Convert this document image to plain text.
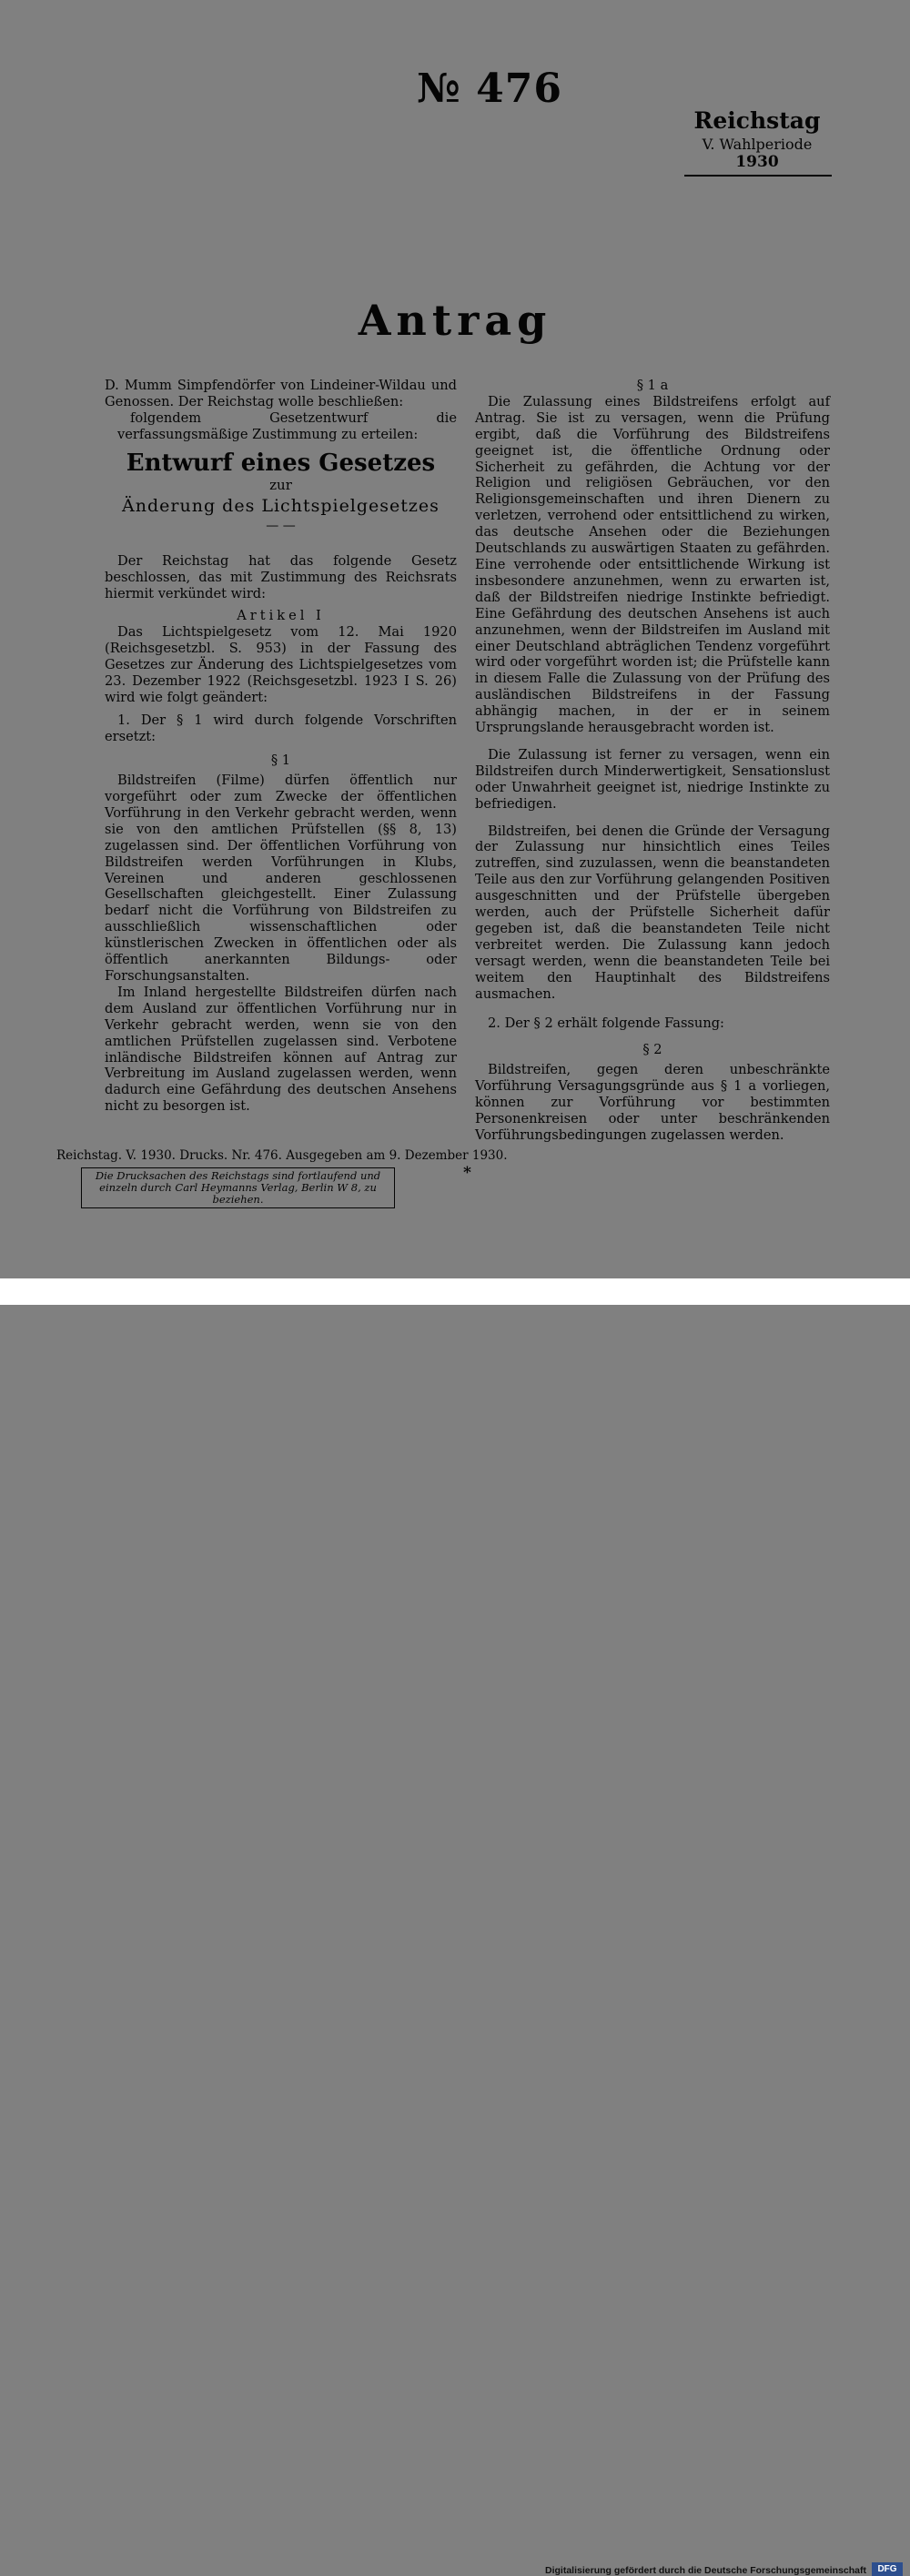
№ 476
Reichstag
V. Wahlperiode
1930
Antrag

D. Mumm Simpfendörfer von Lindeiner-Wildau und Genossen. Der Reichstag wolle beschließen:

folgendem Gesetzentwurf die verfassungsmäßige Zustimmung zu erteilen:

Entwurf eines Gesetzes
zur
Änderung des Lichtspielgesetzes
— —

Der Reichstag hat das folgende Gesetz beschlossen, das mit Zustimmung des Reichsrats hiermit verkündet wird:

Artikel I

Das Lichtspielgesetz vom 12. Mai 1920 (Reichsgesetzbl. S. 953) in der Fassung des Gesetzes zur Änderung des Lichtspielgesetzes vom 23. Dezember 1922 (Reichsgesetzbl. 1923 I S. 26) wird wie folgt geändert:

1. Der § 1 wird durch folgende Vorschriften ersetzt:

§ 1

Bildstreifen (Filme) dürfen öffentlich nur vorgeführt oder zum Zwecke der öffentlichen Vorführung in den Verkehr gebracht werden, wenn sie von den amtlichen Prüfstellen (§§ 8, 13) zugelassen sind. Der öffentlichen Vorführung von Bildstreifen werden Vorführungen in Klubs, Vereinen und anderen geschlossenen Gesellschaften gleichgestellt. Einer Zulassung bedarf nicht die Vorführung von Bildstreifen zu ausschließlich wissenschaftlichen oder künstlerischen Zwecken in öffentlichen oder als öffentlich anerkannten Bildungs- oder Forschungsanstalten.

Im Inland hergestellte Bildstreifen dürfen nach dem Ausland zur öffentlichen Vorführung nur in Verkehr gebracht werden, wenn sie von den amtlichen Prüfstellen zugelassen sind. Verbotene inländische Bildstreifen können auf Antrag zur Verbreitung im Ausland zugelassen werden, wenn dadurch eine Gefährdung des deutschen Ansehens nicht zu besorgen ist.

§ 1 a

Die Zulassung eines Bildstreifens erfolgt auf Antrag. Sie ist zu versagen, wenn die Prüfung ergibt, daß die Vorführung des Bildstreifens geeignet ist, die öffentliche Ordnung oder Sicherheit zu gefährden, die Achtung vor der Religion und religiösen Gebräuchen, vor den Religionsgemeinschaften und ihren Dienern zu verletzen, verrohend oder entsittlichend zu wirken, das deutsche Ansehen oder die Beziehungen Deutschlands zu auswärtigen Staaten zu gefährden. Eine verrohende oder entsittlichende Wirkung ist insbesondere anzunehmen, wenn zu erwarten ist, daß der Bildstreifen niedrige Instinkte befriedigt. Eine Gefährdung des deutschen Ansehens ist auch anzunehmen, wenn der Bildstreifen im Ausland mit einer Deutschland abträglichen Tendenz vorgeführt wird oder vorgeführt worden ist; die Prüfstelle kann in diesem Falle die Zulassung von der Prüfung des ausländischen Bildstreifens in der Fassung abhängig machen, in der er in seinem Ursprungslande herausgebracht worden ist.

Die Zulassung ist ferner zu versagen, wenn ein Bildstreifen durch Minderwertigkeit, Sensationslust oder Unwahrheit geeignet ist, niedrige Instinkte zu befriedigen.

Bildstreifen, bei denen die Gründe der Versagung der Zulassung nur hinsichtlich eines Teiles zutreffen, sind zuzulassen, wenn die beanstandeten Teile aus den zur Vorführung gelangenden Positiven ausgeschnitten und der Prüfstelle übergeben werden, auch der Prüfstelle Sicherheit dafür gegeben ist, daß die beanstandeten Teile nicht verbreitet werden. Die Zulassung kann jedoch versagt werden, wenn die beanstandeten Teile bei weitem den Hauptinhalt des Bildstreifens ausmachen.

2. Der § 2 erhält folgende Fassung:

§ 2

Bildstreifen, gegen deren unbeschränkte Vorführung Versagungsgründe aus § 1 a vorliegen, können zur Vorführung vor bestimmten Personenkreisen oder unter beschränkenden Vorführungsbedingungen zugelassen werden.

Reichstag. V. 1930. Drucks. Nr. 476. Ausgegeben am 9. Dezember 1930.
*
Die Drucksachen des Reichstags sind fortlaufend und einzeln durch Carl Heymanns Verlag, Berlin W 8, zu beziehen.
Digitalisierung gefördert durch die Deutsche Forschungsgemeinschaft	DFG
